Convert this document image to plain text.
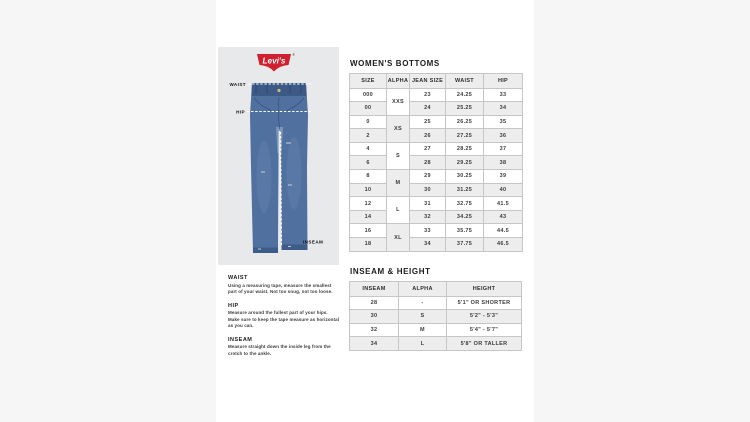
Levi's
®
WAIST
HIP
INSEAM
WOMEN'S BOTTOMS
SIZE	ALPHA	JEAN SIZE	WAIST	HIP
000	XXS	23	24.25	33
00		24	25.25	34
0	XS	25	26.25	35
2		26	27.25	36
4	S	27	28.25	37
6		28	29.25	38
8	M	29	30.25	39
10		30	31.25	40
12	L	31	32.75	41.5
14		32	34.25	43
16	XL	33	35.75	44.5
18		34	37.75	46.5
INSEAM & HEIGHT
INSEAM	ALPHA	HEIGHT
28	-	5'1" OR SHORTER
30	S	5'2" - 5'3"
32	M	5'4" - 5'7"
34	L	5'8" OR TALLER
WAIST

Using a measuring tape, measure the smallest part of your waist. Not too snug, not too loose.

HIP

Measure around the fullest part of your hips. Make sure to keep the tape measure as horizontal as you can.

INSEAM

Measure straight down the inside leg from the crotch to the ankle.
